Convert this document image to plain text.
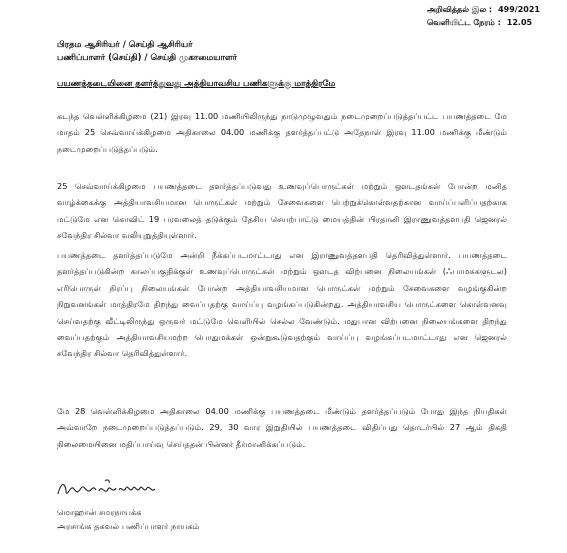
அறிவித்தல் இல : 499/2021
வெளியிட்ட நேரம் : 12.05
பிரதம ஆசிரியர் / செய்தி ஆசிரியர்
பணிப்பாளர் (செய்தி) / செய்தி முகாமையாளர்
பயணத்தடையினை தளர்த்துவது அத்தியாவசிய பணிகளுக்கு மாத்திரமே

கடந்த வெள்ளிக்கிழமை (21) இரவு 11.00 மணியிலிருந்து நாடுமுழுவதும் நடைமுறைப்படுத்தப்பட்ட பயணத்தடை மே மாதம் 25 செவ்வாய்க்கிழமை அதிகாலை 04.00 மணிக்கு தளர்த்தப்பட்டு அதேநாள் இரவு 11.00 மணிக்கு மீண்டும் நடைமுறைப்படுத்தப்படும்.

25 செவ்வாய்க்கிழமை பயணத்தடை தளர்த்தப்படுவது உணவுப்பொருட்கள் மற்றும் ஔடதங்கள் போன்ற மனித வாழ்க்கைக்கு அத்தியாவசியமான பொருட்கள் மற்றும் சேவைகளை பெற்றுக்கொள்வதற்கான வாய்ப்பளிப்பதற்காக மட்டுமே என கொவிட் 19 பரவலைத் தடுக்கும் தேசிய செயற்பாட்டு மையத்தின் பிரதானி இராணுவத்தளபதி ஜெனரல் சவேந்திர சில்வா வலியுறுத்தியுள்ளார்.

பயணத்தடை தளர்த்தப்படுமே அன்றி நீக்கப்படமாட்டாது என இராணுவத்தளபதி தெரிவித்துள்ளார். பயணத்தடை தளர்த்தப்படுகின்ற காலப்பகுதிக்குள் உணவுப்பொருட்கள் மற்றும் ஔடத விற்பனை நிலையங்கள் (ஃபாமசுகளுடல) எரிபொருள் நிரப்பு நிலையங்கள் போன்ற அத்தியாவசியமான பொருட்கள் மற்றும் சேவைகளை வழங்குகின்ற நிறுவனங்கள் மாத்திரமே திறந்து வைப்பதற்கு வாய்ப்பு வழங்கப்படுகின்றது. அத்தியாவசிய பொருட்களை கொள்வனவு செய்வதற்கு வீட்டிலிருந்து ஒருவர் மட்டுமே வெளியில் செல்ல வேண்டும். மதுபான விற்பனை நிலையங்களை திறந்து வைப்பதற்கும் அத்தியாவசியமற்ற பொதுமக்கள் ஒன்றுகூடுவதற்கும் வாய்ப்பு வழங்கப்படமாட்டாது என ஜெனரல் சவேந்திர சில்வா தெரிவித்துள்ளார்.

மே 28 வெள்ளிக்கிழமை அதிகாலை 04.00 மணிக்கு பயணத்தடை மீண்டும் தளர்த்தப்படும் போது இந்த நியதிகள் அவ்வாறே நடைமுறைப்படுத்தப்படும். 29, 30 வார இறுதியில் பயணத்தடை விதிப்பது தொடர்பில் 27 ஆம் திகதி நிலைமையினை மதிப்பாய்வு செய்ததன் பின்னர் தீர்மானிக்கப்படும்.

மொஹான் சமரநாயக்க
அரசாங்க தகவல் பணிப்பாளர் நாயகம்
